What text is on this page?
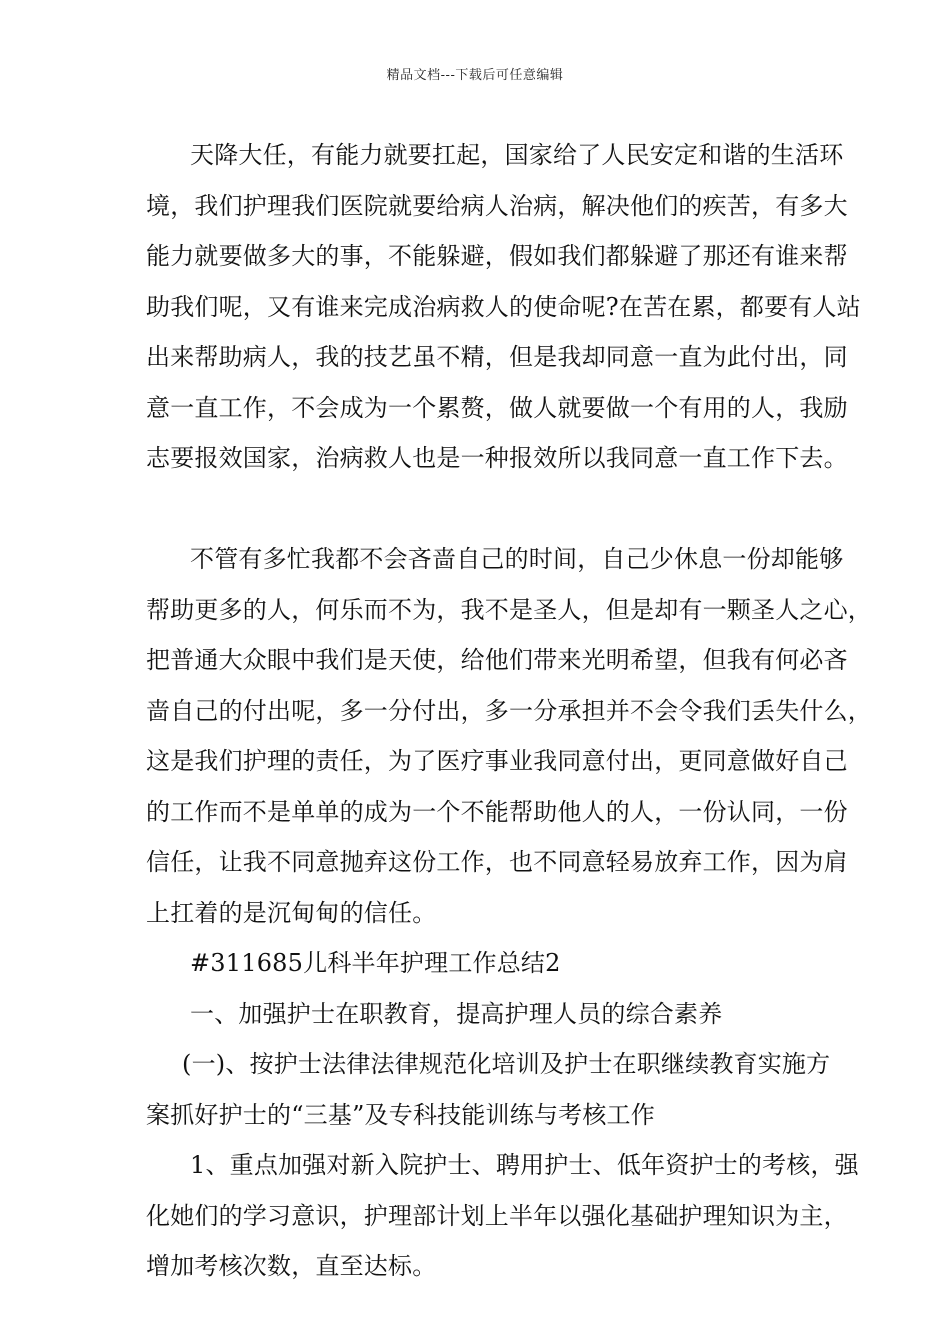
精品文档---下载后可任意编辑
天降大任，有能力就要扛起，国家给了人民安定和谐的生活环
境，我们护理我们医院就要给病人治病，解决他们的疾苦，有多大
能力就要做多大的事，不能躲避，假如我们都躲避了那还有谁来帮
助我们呢，又有谁来完成治病救人的使命呢?在苦在累，都要有人站
出来帮助病人，我的技艺虽不精，但是我却同意一直为此付出，同
意一直工作，不会成为一个累赘，做人就要做一个有用的人，我励
志要报效国家，治病救人也是一种报效所以我同意一直工作下去。
不管有多忙我都不会吝啬自己的时间，自己少休息一份却能够
帮助更多的人，何乐而不为，我不是圣人，但是却有一颗圣人之心，
把普通大众眼中我们是天使，给他们带来光明希望，但我有何必吝
啬自己的付出呢，多一分付出，多一分承担并不会令我们丢失什么，
这是我们护理的责任，为了医疗事业我同意付出，更同意做好自己
的工作而不是单单的成为一个不能帮助他人的人，一份认同，一份
信任，让我不同意抛弃这份工作，也不同意轻易放弃工作，因为肩
上扛着的是沉甸甸的信任。
#311685儿科半年护理工作总结2
一、加强护士在职教育，提高护理人员的综合素养
(一)、按护士法律法律规范化培训及护士在职继续教育实施方
案抓好护士的“三基”及专科技能训练与考核工作
1、重点加强对新入院护士、聘用护士、低年资护士的考核，强
化她们的学习意识，护理部计划上半年以强化基础护理知识为主，
增加考核次数，直至达标。
